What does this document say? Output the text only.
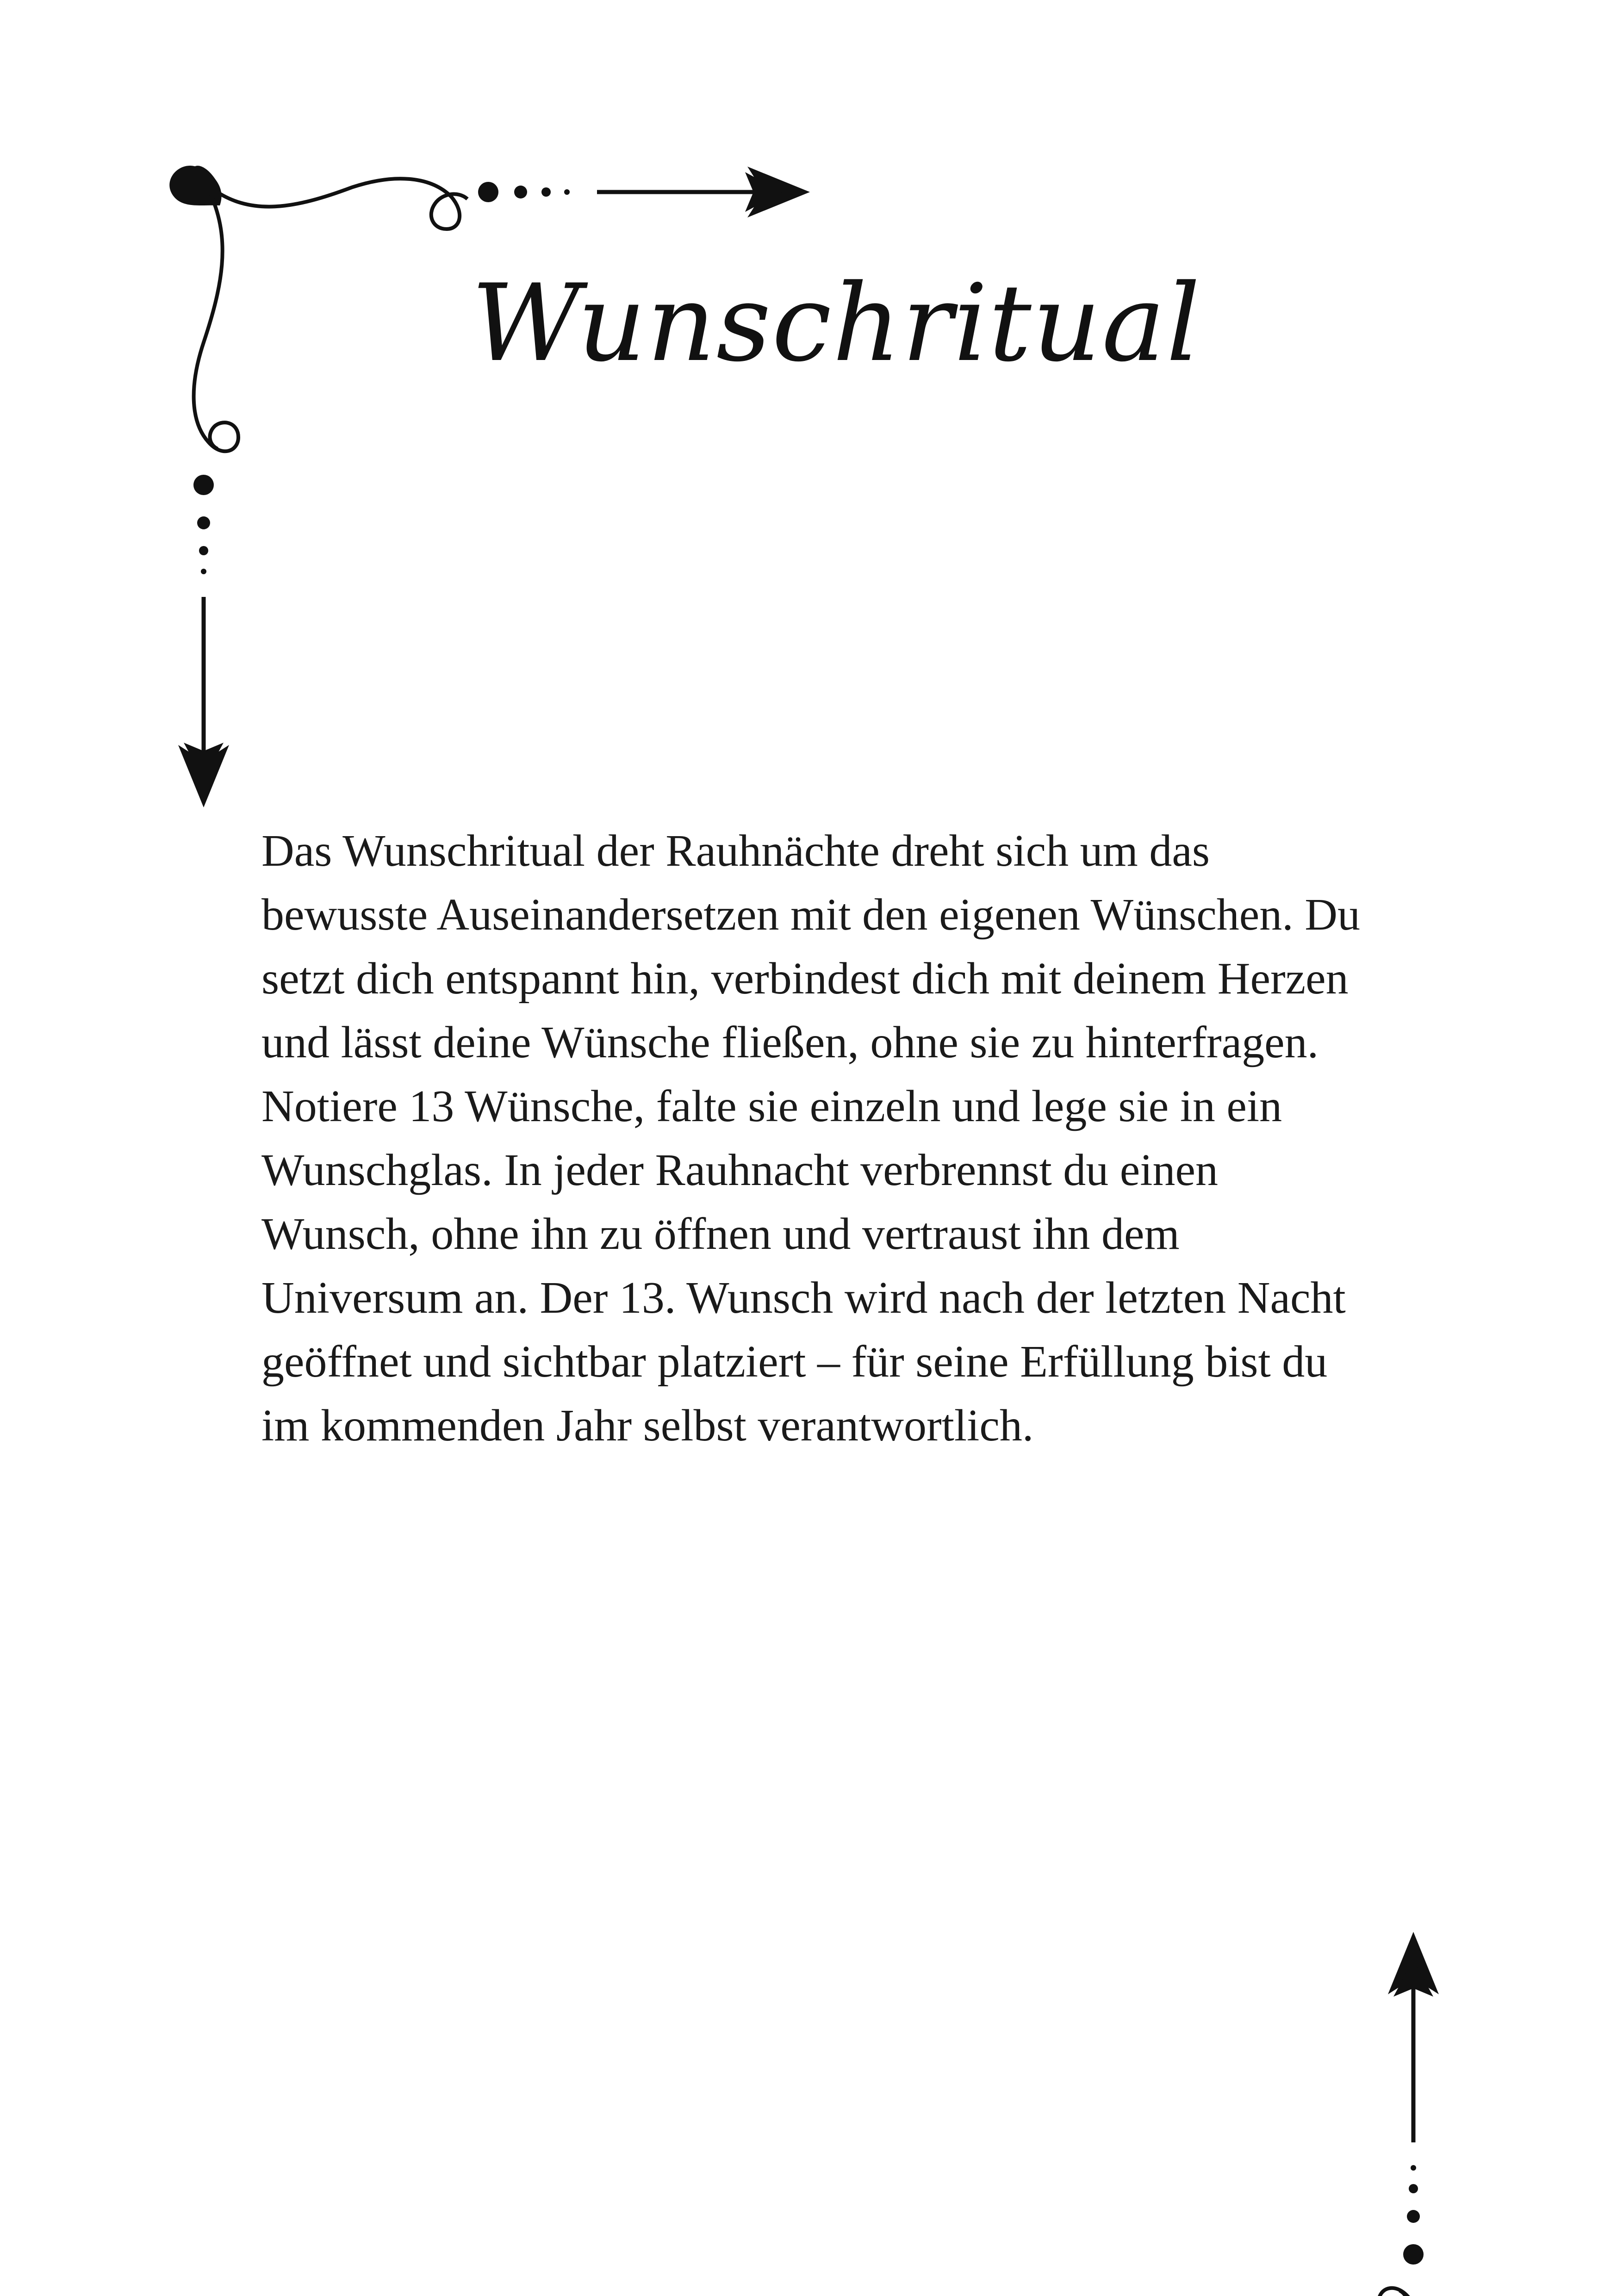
Wunschritual

Das Wunschritual der Rauhnächte dreht sich um das
bewusste Auseinandersetzen mit den eigenen Wünschen. Du
setzt dich entspannt hin, verbindest dich mit deinem Herzen
und lässt deine Wünsche fließen, ohne sie zu hinterfragen.
Notiere 13 Wünsche, falte sie einzeln und lege sie in ein
Wunschglas. In jeder Rauhnacht verbrennst du einen
Wunsch, ohne ihn zu öffnen und vertraust ihn dem
Universum an. Der 13. Wunsch wird nach der letzten Nacht
geöffnet und sichtbar platziert – für seine Erfüllung bist du
im kommenden Jahr selbst verantwortlich.
